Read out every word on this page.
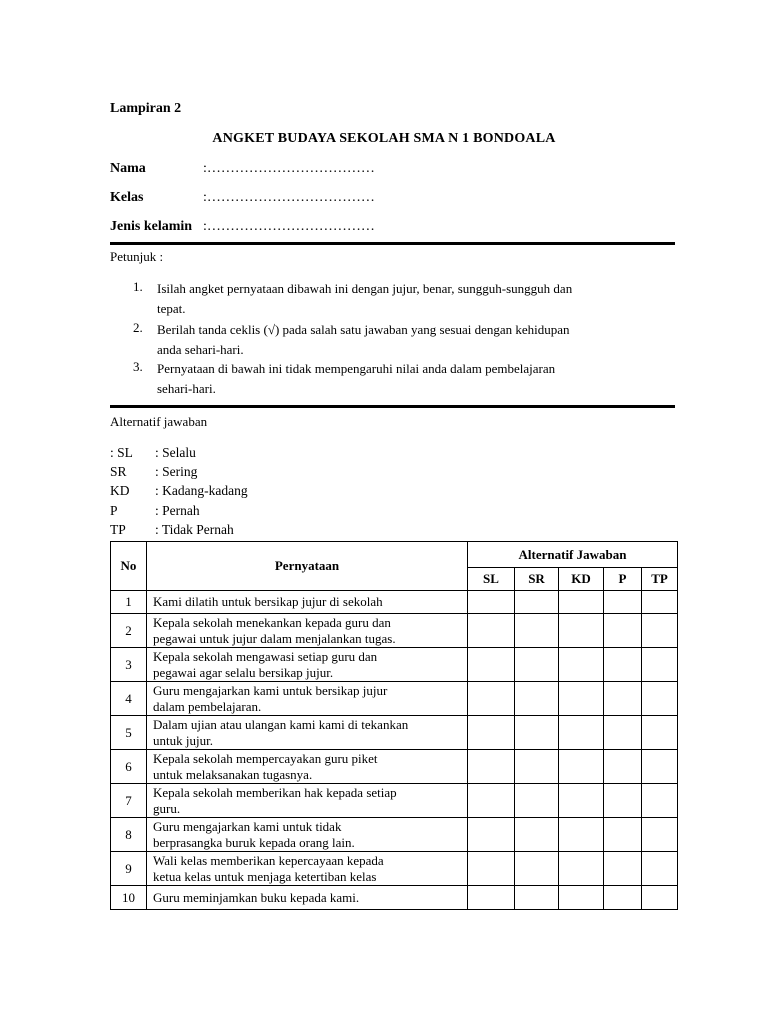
Lampiran 2
ANGKET BUDAYA SEKOLAH SMA N 1 BONDOALA
Nama	:………………………………
Kelas	:………………………………
Jenis kelamin :………………………………
Petunjuk :
1. Isilah angket pernyataan dibawah ini dengan jujur, benar, sungguh-sungguh dan
tepat.
2. Berilah tanda ceklis (√) pada salah satu jawaban yang sesuai dengan kehidupan
anda sehari-hari.
3. Pernyataan di bawah ini tidak mempengaruhi nilai anda dalam pembelajaran
sehari-hari.
Alternatif jawaban
: SL : Selalu
SR : Sering
KD : Kadang-kadang
P	: Pernah
TP : Tidak Pernah
No	Pernyataan	Alternatif Jawaban				
		SL	SR	KD	P	TP
1	Kami dilatih untuk bersikap jujur di sekolah					

2	Kepala sekolah menekankan kepada guru dan
pegawai untuk jujur dalam menjalankan tugas.					

3	Kepala sekolah mengawasi setiap guru dan
pegawai agar selalu bersikap jujur.					

4	Guru mengajarkan kami untuk bersikap jujur
dalam pembelajaran.					

5	Dalam ujian atau ulangan kami kami di tekankan
untuk jujur.					

6	Kepala sekolah mempercayakan guru piket
untuk melaksanakan tugasnya.					

7	Kepala sekolah memberikan hak kepada setiap
guru.					

8	Guru mengajarkan kami untuk tidak
berprasangka buruk kepada orang lain.					

9	Wali kelas memberikan kepercayaan kepada
ketua kelas untuk menjaga ketertiban kelas					

10	Guru meminjamkan buku kepada kami.					
